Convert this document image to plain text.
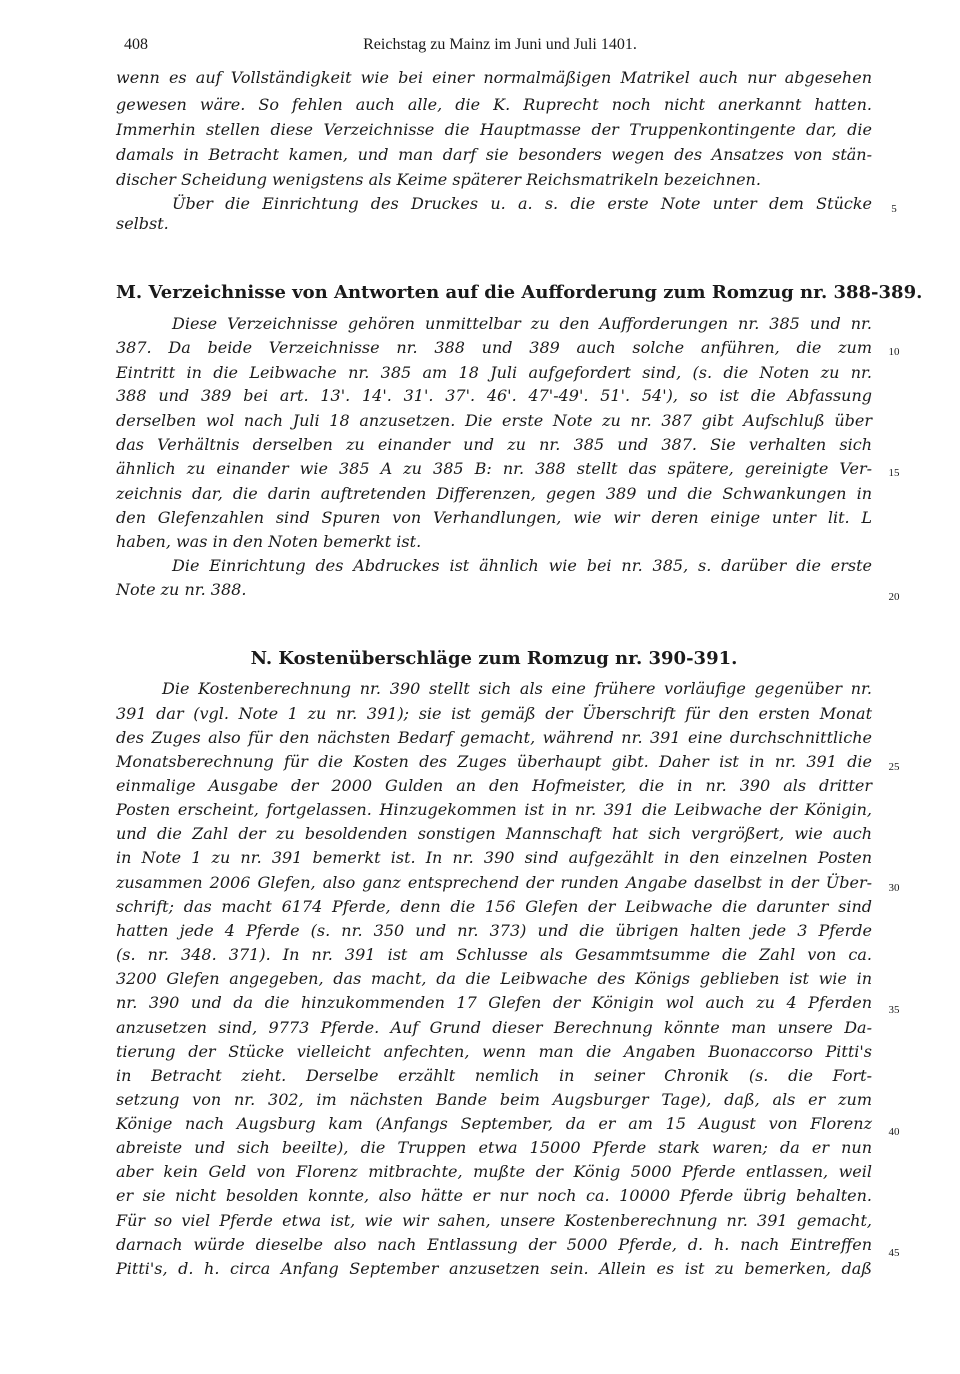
408	Reichstag zu Mainz im Juni und Juli 1401.
wenn es auf Vollständigkeit wie bei einer normalmäßigen Matrikel auch nur abgesehen
gewesen wäre. So fehlen auch alle, die K. Ruprecht noch nicht anerkannt hatten.
Immerhin stellen diese Verzeichnisse die Hauptmasse der Truppenkontingente dar, die
damals in Betracht kamen, und man darf sie besonders wegen des Ansatzes von stän-
discher Scheidung wenigstens als Keime späterer Reichsmatrikeln bezeichnen.
Über die Einrichtung des Druckes u. a. s. die erste Note unter dem Stücke
selbst.
M. Verzeichnisse von Antworten auf die Aufforderung zum Romzug nr. 388-389.
Diese Verzeichnisse gehören unmittelbar zu den Aufforderungen nr. 385 und nr.
387. Da beide Verzeichnisse nr. 388 und 389 auch solche anführen, die zum
Eintritt in die Leibwache nr. 385 am 18 Juli aufgefordert sind, (s. die Noten zu nr.
388 und 389 bei art. 13'. 14'. 31'. 37'. 46'. 47'-49'. 51'. 54'), so ist die Abfassung
derselben wol nach Juli 18 anzusetzen. Die erste Note zu nr. 387 gibt Aufschluß über
das Verhältnis derselben zu einander und zu nr. 385 und 387. Sie verhalten sich
ähnlich zu einander wie 385 A zu 385 B: nr. 388 stellt das spätere, gereinigte Ver-
zeichnis dar, die darin auftretenden Differenzen, gegen 389 und die Schwankungen in
den Glefenzahlen sind Spuren von Verhandlungen, wie wir deren einige unter lit. L
haben, was in den Noten bemerkt ist.
Die Einrichtung des Abdruckes ist ähnlich wie bei nr. 385, s. darüber die erste
Note zu nr. 388.
N. Kostenüberschläge zum Romzug nr. 390-391.
Die Kostenberechnung nr. 390 stellt sich als eine frühere vorläufige gegenüber nr.
391 dar (vgl. Note 1 zu nr. 391); sie ist gemäß der Überschrift für den ersten Monat
des Zuges also für den nächsten Bedarf gemacht, während nr. 391 eine durchschnittliche
Monatsberechnung für die Kosten des Zuges überhaupt gibt. Daher ist in nr. 391 die
einmalige Ausgabe der 2000 Gulden an den Hofmeister, die in nr. 390 als dritter
Posten erscheint, fortgelassen. Hinzugekommen ist in nr. 391 die Leibwache der Königin,
und die Zahl der zu besoldenden sonstigen Mannschaft hat sich vergrößert, wie auch
in Note 1 zu nr. 391 bemerkt ist. In nr. 390 sind aufgezählt in den einzelnen Posten
zusammen 2006 Glefen, also ganz entsprechend der runden Angabe daselbst in der Über-
schrift; das macht 6174 Pferde, denn die 156 Glefen der Leibwache die darunter sind
hatten jede 4 Pferde (s. nr. 350 und nr. 373) und die übrigen halten jede 3 Pferde
(s. nr. 348. 371). In nr. 391 ist am Schlusse als Gesammtsumme die Zahl von ca.
3200 Glefen angegeben, das macht, da die Leibwache des Königs geblieben ist wie in
nr. 390 und da die hinzukommenden 17 Glefen der Königin wol auch zu 4 Pferden
anzusetzen sind, 9773 Pferde. Auf Grund dieser Berechnung könnte man unsere Da-
tierung der Stücke vielleicht anfechten, wenn man die Angaben Buonaccorso Pitti's
in Betracht zieht. Derselbe erzählt nemlich in seiner Chronik (s. die Fort-
setzung von nr. 302, im nächsten Bande beim Augsburger Tage), daß, als er zum
Könige nach Augsburg kam (Anfangs September, da er am 15 August von Florenz
abreiste und sich beeilte), die Truppen etwa 15000 Pferde stark waren; da er nun
aber kein Geld von Florenz mitbrachte, mußte der König 5000 Pferde entlassen, weil
er sie nicht besolden konnte, also hätte er nur noch ca. 10000 Pferde übrig behalten.
Für so viel Pferde etwa ist, wie wir sahen, unsere Kostenberechnung nr. 391 gemacht,
darnach würde dieselbe also nach Entlassung der 5000 Pferde, d. h. nach Eintreffen
Pitti's, d. h. circa Anfang September anzusetzen sein. Allein es ist zu bemerken, daß
5
10
15
20
25
30
35
40
45
